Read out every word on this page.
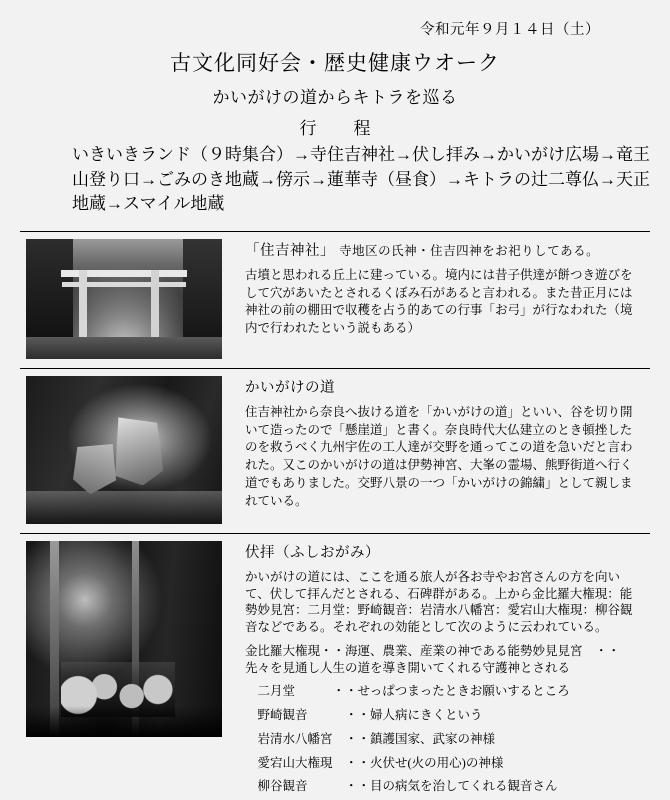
令和元年９月１４日（土）
古文化同好会・歴史健康ウオーク
かいがけの道からキトラを巡る
行　程
いきいきランド（９時集合）→寺住吉神社→伏し拝み→かいがけ広場→竜王山登り口→ごみのき地蔵→傍示→蓮華寺（昼食）→キトラの辻二尊仏→天正地蔵→スマイル地蔵

	「住吉神社」 寺地区の氏神・住吉四神をお祀りしてある。

古墳と思われる丘上に建っている。境内には昔子供達が餅つき遊びをして穴があいたとされるくぼみ石があると言われる。また昔正月には神社の前の棚田で収穫を占う的あての行事「お弓」が行なわれた（境内で行われたという説もある）

	かいがけの道

住吉神社から奈良へ抜ける道を「かいがけの道」といい、谷を切り開いて造ったので「懸崖道」と書く。奈良時代大仏建立のとき頓挫したのを救うべく九州宇佐の工人達が交野を通ってこの道を急いだと言われた。又このかいがけの道は伊勢神宮、大峯の霊場、熊野街道へ行く道でもありました。交野八景の一つ「かいがけの錦繍」として親しまれている。

伏拝（ふしおがみ）

かいがけの道には、ここを通る旅人が各お寺やお宮さんの方を向いて、伏して拝んだとされる、石碑群がある。上から金比羅大権現：能勢妙見宮：二月堂：野崎観音：岩清水八幡宮：愛宕山大権現：柳谷観音などである。それぞれの効能として次のように云われている。

金比羅大権現・・海運、農業、産業の神である能勢妙見見宮　・・先々を見通し人生の道を導き開いてくれる守護神とされる

　二月堂　　　・・せっぱつまったときお願いするところ

　野崎観音　　　・・婦人病にきくという

　岩清水八幡宮　・・鎮護国家、武家の神様

　愛宕山大権現　・・火伏せ(火の用心)の神様

　柳谷観音　　　・・目の病気を治してくれる観音さん
